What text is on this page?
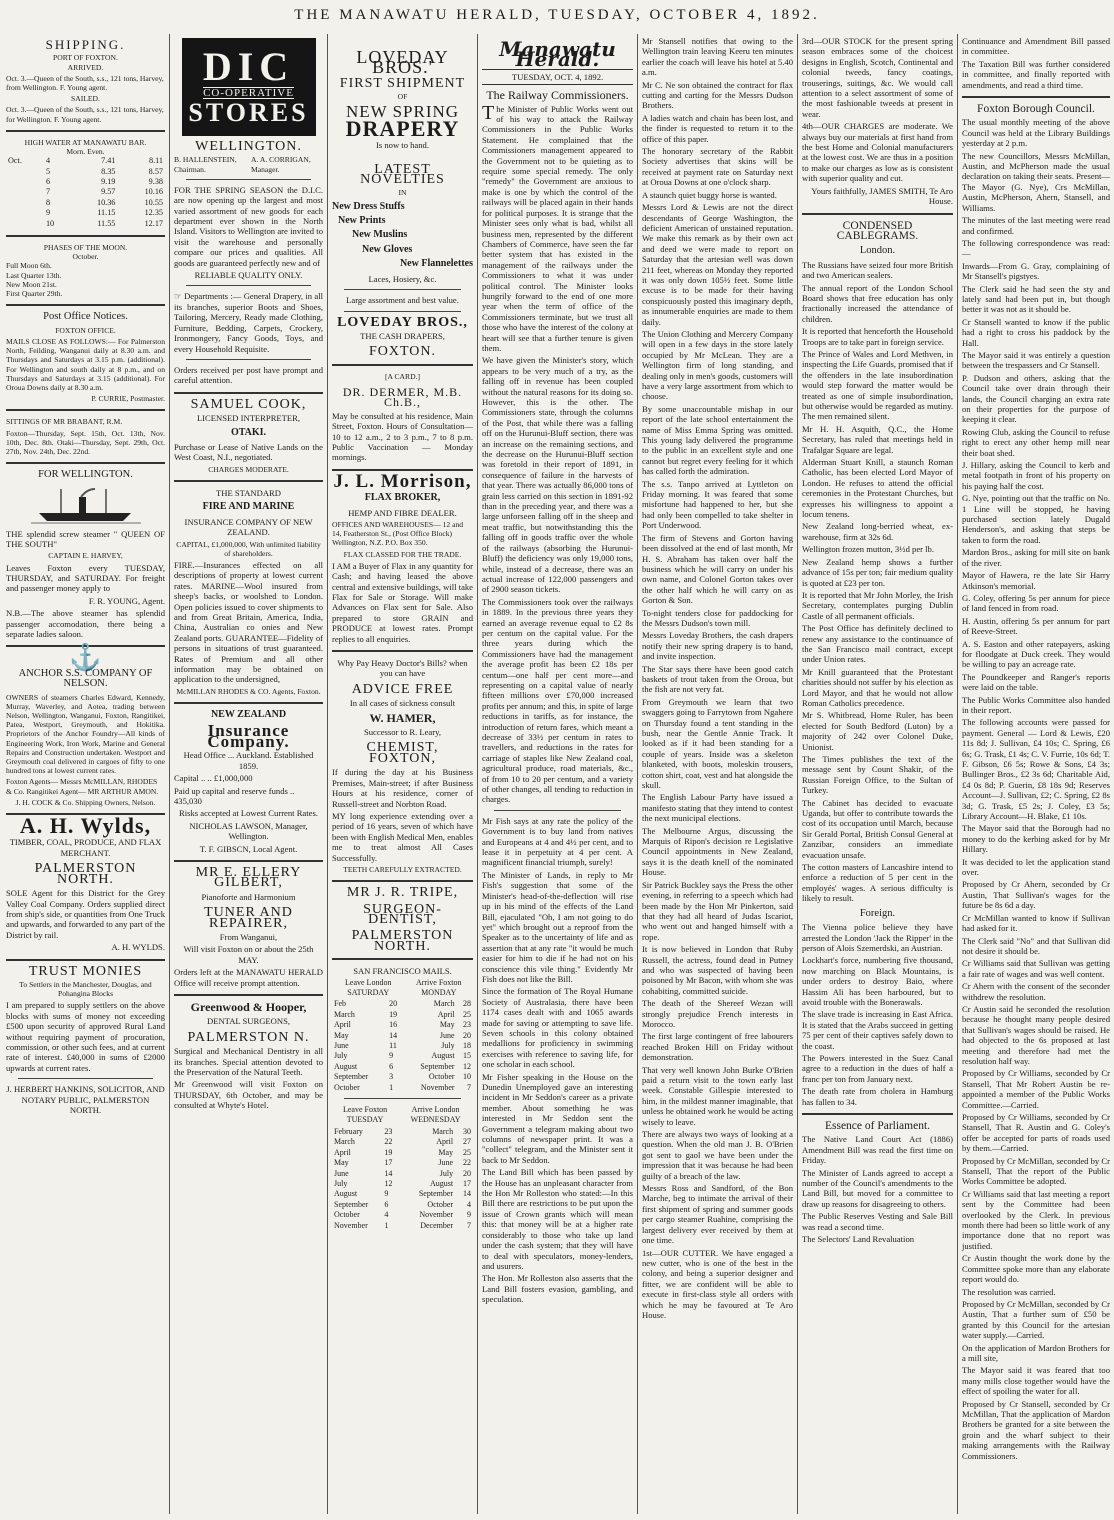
THE MANAWATU HERALD, TUESDAY, OCTOBER 4, 1892.
SHIPPING.
PORT OF FOXTON.
ARRIVED.

Oct. 3.—Queen of the South, s.s., 121 tons, Harvey, from Wellington. F. Young agent.

SAILED.

Oct. 3.—Queen of the South, s.s., 121 tons, Harvey, for Wellington. F. Young agent.

HIGH WATER AT MANAWATU BAR.
Morn. Even.
Oct.	4	7.41	8.11
	5	8.35	8.57
	6	9.19	9.38
	7	9.57	10.16
	8	10.36	10.55
	9	11.15	12.35
	10	11.55	12.17
PHASES OF THE MOON.
October.
Full Moon 6th.
Last Quarter 13th.
New Moon 21st.
First Quarter 29th.
Post Office Notices.
FOXTON OFFICE.

MAILS CLOSE AS FOLLOWS:— For Palmerston North, Feilding, Wanganui daily at 8.30 a.m. and Thursdays and Saturdays at 3.15 p.m. (additional). For Wellington and south daily at 8 p.m., and on Thursdays and Saturdays at 3.15 (additional). For Oroua Downs daily at 8.30 a.m.

P. CURRIE, Postmaster.

SITTINGS OF MR BRABANT, R.M.

Foxton—Thursday, Sept. 15th, Oct. 13th, Nov. 10th, Dec. 8th. Otaki—Thursday, Sept. 29th, Oct. 27th, Nov. 24th, Dec. 22nd.

FOR WELLINGTON.

THE splendid screw steamer " QUEEN OF THE SOUTH"

CAPTAIN E. HARVEY,

Leaves Foxton every TUESDAY, THURSDAY, and SATURDAY. For freight and passenger money apply to

F. R. YOUNG, Agent.

N.B.—The above steamer has splendid passenger accomodation, there being a separate ladies saloon.

⚓
ANCHOR S.S. COMPANY OF NELSON.

OWNERS of steamers Charles Edward, Kennedy, Murray, Waverley, and Aotea, trading between Nelson, Wellington, Wanganui, Foxton, Rangitikei, Patea, Westport, Greymouth, and Hokitika. Proprietors of the Anchor Foundry—All kinds of Engineering Work, Iron Work, Marine and General Repairs and Construction undertaken. Westport and Greymouth coal delivered in cargoes of fifty to one hundred tons at lowest current rates.

Foxton Agents— Messrs McMILLAN, RHODES & Co. Rangitikei Agent— MR ARTHUR AMON.

J. H. COCK & Co. Shipping Owners, Nelson.

A. H. Wylds,
TIMBER, COAL, PRODUCE, AND FLAX MERCHANT.
PALMERSTON NORTH.

SOLE Agent for this District for the Grey Valley Coal Company. Orders supplied direct from ship's side, or quantities from One Truck and upwards, and forwarded to any part of the District by rail.

A. H. WYLDS.

TRUST MONIES
To Settlers in the Manchester, Douglas, and Pohangina Blocks

I am prepared to supply settlers on the above blocks with sums of money not exceeding £500 upon security of approved Rural Land without requiring payment of procuration, commission, or other such fees, and at current rate of interest. £40,000 in sums of £2000 upwards at current rates.

J. HERBERT HANKINS, SOLICITOR, AND NOTARY PUBLIC, PALMERSTON NORTH.

DIC
CO-OPERATIVE
STORES
WELLINGTON.
B. HALLENSTEIN, Chairman.
A. A. CORRIGAN, Manager.

FOR THE SPRING SEASON the D.I.C. are now opening up the largest and most varied assortment of new goods for each department ever shown in the North Island. Visitors to Wellington are invited to visit the warehouse and personally compare our prices and qualities. All goods are guaranteed perfectly new and of

RELIABLE QUALITY ONLY.

☞ Departments :— General Drapery, in all its branches, superior Boots and Shoes, Tailoring, Mercery, Ready made Clothing, Furniture, Bedding, Carpets, Crockery, Ironmongery, Fancy Goods, Toys, and every Household Requisite.

Orders received per post have prompt and careful attention.

SAMUEL COOK,
LICENSED INTERPRETER,
OTAKI.

Purchase or Lease of Native Lands on the West Coast, N.I., negotiated.

CHARGES MODERATE.

THE STANDARD
FIRE AND MARINE
INSURANCE COMPANY OF NEW ZEALAND.

CAPITAL, £1,000,000, With unlimited liability of shareholders.

FIRE.—Insurances effected on all descriptions of property at lowest current rates. MARINE—Wool insured from sheep's backs, or woolshed to London. Open policies issued to cover shipments to and from Great Britain, America, India, China, Australian co onies and New Zealand ports. GUARANTEE—Fidelity of persons in situations of trust guaranteed. Rates of Premium and all other information may be obtained on application to the undersigned,

McMILLAN RHODES & CO. Agents, Foxton.

NEW ZEALAND
Insurance Company.

Head Office ... Auckland. Established 1859.

Capital .. .. £1,000,000

Paid up capital and reserve funds .. 435,030

Risks accepted at Lowest Current Rates.

NICHOLAS LAWSON, Manager, Wellington.

T. F. GIBSCN, Local Agent.

MR E. ELLERY GILBERT,
Pianoforte and Harmonium
TUNER AND REPAIRER,
From Wanganui,

Will visit Foxton on or about the 25th MAY.

Orders left at the MANAWATU HERALD Office will receive prompt attention.

Greenwood & Hooper,
DENTAL SURGEONS,
PALMERSTON N.

Surgical and Mechanical Dentistry in all its branches. Special attention devoted to the Preservation of the Natural Teeth.

Mr Greenwood will visit Foxton on THURSDAY, 6th October, and may be consulted at Whyte's Hotel.

LOVEDAY BROS.'
FIRST SHIPMENT
OF
NEW SPRING
DRAPERY
Is now to hand.
LATEST NOVELTIES
IN
New Dress Stuffs
New Prints
New Muslins
New Gloves
New Flannelettes
Laces, Hosiery, &c.

Large assortment and best value.

LOVEDAY BROS.,
THE CASH DRAPERS,
FOXTON.
[A CARD.]
DR. DERMER, M.B. Ch.B.,

May be consulted at his residence, Main Street, Foxton. Hours of Consultation—10 to 12 a.m., 2 to 3 p.m., 7 to 8 p.m. Public Vaccination — Monday mornings.

J. L. Morrison,
FLAX BROKER,
HEMP AND FIBRE DEALER.

OFFICES AND WAREHOUSES— 12 and 14, Featherston St., (Post Office Block) Wellington, N.Z. P.O. Box 350.

FLAX CLASSED FOR THE TRADE.

I AM a Buyer of Flax in any quantity for Cash; and having leased the above central and extensive buildings, will take Flax for Sale or Storage. Will make Advances on Flax sent for Sale. Also prepared to store GRAIN and PRODUCE at lowest rates. Prompt replies to all enquiries.

Why Pay Heavy Doctor's Bills? when you can have

ADVICE FREE

In all cases of sickness consult

W. HAMER,

Successor to R. Leary,

CHEMIST, FOXTON,

If during the day at his Business Premises, Main-street; if after Business Hours at his residence, corner of Russell-street and Norbton Road.

MY long experience extending over a period of 16 years, seven of which have been with English Medical Men, enables me to treat almost All Cases Successfully.

TEETH CAREFULLY EXTRACTED.

MR J. R. TRIPE,
SURGEON-DENTIST,
PALMERSTON NORTH.
SAN FRANCISCO MAILS.
Leave London SATURDAY		Arrive Foxton MONDAY	
Feb	20	March	28
March	19	April	25
April	16	May	23
May	14	June	20
June	11	July	18
July	9	August	15
August	6	September	12
September	3	October	10
October	1	November	7
Leave Foxton TUESDAY		Arrive London WEDNESDAY	
February	23	March	30
March	22	April	27
April	19	May	25
May	17	June	22
June	14	July	20
July	12	August	17
August	9	September	14
September	6	October	4
October	4	November	9
November	1	December	7
Manawatu Herald.
TUESDAY, OCT. 4, 1892.
The Railway Commissioners.

The Minister of Public Works went out of his way to attack the Railway Commissioners in the Public Works Statement. He complained that the Commissioners management appeared to the Government not to be quieting as to require some special remedy. The only "remedy" the Government are anxious to make is one by which the control of the railways will be placed again in their hands for political purposes. It is strange that the Minister sees only what is bad, whilst all business men, represented by the different Chambers of Commerce, have seen the far better system that has existed in the management of the railways under the Commissioners to what it was under political control. The Minister looks hungrily forward to the end of one more year when the term of office of the Commissioners terminate, but we trust all those who have the interest of the colony at heart will see that a further tenure is given them.

We have given the Minister's story, which appears to be very much of a try, as the falling off in revenue has been coupled without the natural reasons for its doing so. However, this is the other. The Commissioners state, through the columns of the Post, that while there was a falling off on the Hurunui-Bluff section, there was an increase on the remaining sections, and the decrease on the Hurunui-Bluff section was foretold in their report of 1891, in consequence of failure in the harvests of that year. There was actually 86,000 tons of grain less carried on this section in 1891-92 than in the preceding year, and there was a large unforseen falling off in the sheep and meat traffic, but notwithstanding this the falling off in goods traffic over the whole of the railways (absorbing the Hurunui-Bluff) the deficiency was only 19,000 tons, while, instead of a decrease, there was an actual increase of 122,000 passengers and of 2900 season tickets.

The Commissioners took over the railways in 1889. In the previous three years they earned an average revenue equal to £2 8s per centum on the capital value. For the three years during which the Commissioners have had the management the average profit has been £2 18s per centum—one half per cent more—and representing on a capital value of nearly fifteen millions over £70,000 increased profits per annum; and this, in spite of large reductions in tariffs, as for instance, the introduction of return fares, which meant a decrease of 33½ per centum in rates to travellers, and reductions in the rates for carriage of staples like New Zealand coal, agricultural produce, road materials, &c., of from 10 to 20 per centum, and a variety of other changes, all tending to reduction in charges.

Mr Fish says at any rate the policy of the Government is to buy land from natives and Europeans at 4 and 4½ per cent, and to lease it in perpetuity at 4 per cent. A magnificent financial triumph, surely!

The Minister of Lands, in reply to Mr Fish's suggestion that some of the Minister's head-of-the-deflection will rise up in his mind of the effects of the Land Bill, ejaculated "Oh, I am not going to do yet" which brought out a reproof from the Speaker as to the uncertainty of life and as assertion that at any rate "it would be much easier for him to die if he had not on his conscience this vile thing." Evidently Mr Fish does not like the Bill.

Since the formation of The Royal Humane Society of Australasia, there have been 1174 cases dealt with and 1065 awards made for saving or attempting to save life. Seven schools in this colony obtained medallions for proficiency in swimming exercises with reference to saving life, for one scholar in each school.

Mr Fisher speaking in the House on the Dunedin Unemployed gave an interesting incident in Mr Seddon's career as a private member. About something he was interested in Mr Seddon sent the Government a telegram making about two columns of newspaper print. It was a "collect" telegram, and the Minister sent it back to Mr Seddon.

The Land Bill which has been passed by the House has an unpleasant character from the Hon Mr Rolleston who stated:—In this Bill there are restrictions to be put upon the issue of Crown grants which will mean this: that money will be at a higher rate considerably to those who take up land under the cash system; that they will have to deal with speculators, money-lenders, and usurers.

The Hon. Mr Rolleston also asserts that the Land Bill fosters evasion, gambling, and speculation.

Mr Stansell notifies that owing to the Wellington train leaving Keeru ten minutes earlier the coach will leave his hotel at 5.40 a.m.

Mr C. Ne son obtained the contract for flax cutting and carting for the Messrs Dudson Brothers.

A ladies watch and chain has been lost, and the finder is requested to return it to the office of this paper.

The honorary secretary of the Rabbit Society advertises that skins will be received at payment rate on Saturday next at Oroua Downs at one o'clock sharp.

A staunch quiet buggy horse is wanted.

Messrs Lord & Lewis are not the direct descendants of George Washington, the deficient American of unstained reputation. We make this remark as by their own act and deed we were made to report on Saturday that the artesian well was down 211 feet, whereas on Monday they reported it was only down 105½ feet. Some little excuse is to be made for their having conspicuously posted this imaginary depth, as innumerable enquiries are made to them daily.

The Union Clothing and Mercery Company will open in a few days in the store lately occupied by Mr McLean. They are a Wellington firm of long standing, and dealing only in men's goods, customers will have a very large assortment from which to choose.

By some unaccountable mishap in our report of the late school entertainment the name of Miss Emma Spring was omitted. This young lady delivered the programme to the public in an excellent style and one cannot but regret every feeling for it which has called forth the admiration.

The s.s. Tanpo arrived at Lyttleton on Friday morning. It was feared that some misfortune had happened to her, but she had only been compelled to take shelter in Port Underwood.

The firm of Stevens and Gorton having been dissolved at the end of last month, Mr H. S. Abraham has taken over half the business which he will carry on under his own name, and Colonel Gorton takes over the other half which he will carry on as Gorton & Son.

To-night tenders close for paddocking for the Messrs Dudson's town mill.

Messrs Loveday Brothers, the cash drapers notify their new spring drapery is to hand, and invite inspection.

The Star says there have been good catch baskets of trout taken from the Oroua, but the fish are not very fat.

From Greymouth we learn that two swaggers going to Farrytown from Ngahere on Thursday found a tent standing in the bush, near the Gentle Annie Track. It looked as if it had been standing for a couple of years. Inside was a skeleton blanketed, with boots, moleskin trousers, cotton shirt, coat, vest and hat alongside the skull.

The English Labour Party have issued a manifesto stating that they intend to contest the next municipal elections.

The Melbourne Argus, discussing the Marquis of Ripon's decision re Legislative Council appointments in New Zealand, says it is the death knell of the nominated House.

Sir Patrick Buckley says the Press the other evening, in referring to a speech which had been made by the Hon Mr Pinkerton, said that they had all heard of Judas Iscariot, who went out and hanged himself with a rope.

It is now believed in London that Ruby Russell, the actress, found dead in Putney and who was suspected of having been poisoned by Mr Bacon, with whom she was cohabiting, committed suicide.

The death of the Shereef Wezan will strongly prejudice French interests in Morocco.

The first large contingent of free labourers reached Broken Hill on Friday without demonstration.

That very well known John Burke O'Brien paid a return visit to the town early last week. Constable Gillespie interested to him, in the mildest manner imaginable, that unless he obtained work he would be acting wisely to leave.

There are always two ways of looking at a question. When the old man J. B. O'Brien got sent to gaol we have been under the impression that it was because he had been guilty of a breach of the law.

Messrs Ross and Sandford, of the Bon Marche, beg to intimate the arrival of their first shipment of spring and summer goods per cargo steamer Ruahine, comprising the largest delivery ever received by them at one time.

1st—OUR CUTTER. We have engaged a new cutter, who is one of the best in the colony, and being a superior designer and fitter, we are confident will be able to execute in first-class style all orders with which he may be favoured at Te Aro House.

3rd—OUR STOCK for the present spring season embraces some of the choicest designs in English, Scotch, Continental and colonial tweeds, fancy coatings, trouserings, suitings, &c. We would call attention to a select assortment of some of the most fashionable tweeds at present in wear.

4th—OUR CHARGES are moderate. We always buy our materials at first hand from the best Home and Colonial manufacturers at the lowest cost. We are thus in a position to make our charges as low as is consistent with superior quality and cut.

Yours faithfully, JAMES SMITH, Te Aro House.

CONDENSED CABLEGRAMS.
London.

The Russians have seized four more British and two American sealers.

The annual report of the London School Board shows that free education has only fractionally increased the attendance of children.

It is reported that henceforth the Household Troops are to take part in foreign service.

The Prince of Wales and Lord Methven, in inspecting the Life Guards, promised that if the offenders in the late insubordination would step forward the matter would be treated as one of simple insubordination, but otherwise would be regarded as mutiny. The men remained silent.

Mr H. H. Asquith, Q.C., the Home Secretary, has ruled that meetings held in Trafalgar Square are legal.

Alderman Stuart Knill, a staunch Roman Catholic, has been elected Lord Mayor of London. He refuses to attend the official ceremonies in the Protestant Churches, but expresses his willingness to appoint a locum tenens.

New Zealand long-berried wheat, ex-warehouse, firm at 32s 6d.

Wellington frozen mutton, 3½d per lb.

New Zealand hemp shows a further advance of 15s per ton; fair medium quality is quoted at £23 per ton.

It is reported that Mr John Morley, the Irish Secretary, contemplates purging Dublin Castle of all permanent officials.

The Post Office has definitely declined to renew any assistance to the continuance of the San Francisco mail contract, except under Union rates.

Mr Knill guaranteed that the Protestant charities should not suffer by his election as Lord Mayor, and that he would not allow Roman Catholics precedence.

Mr S. Whitbread, Home Ruler, has been elected for South Bedford (Luton) by a majority of 242 over Colonel Duke, Unionist.

The Times publishes the text of the message sent by Count Shakir, of the Russian Foreign Office, to the Sultan of Turkey.

The Cabinet has decided to evacuate Uganda, but offer to contribute towards the cost of its occupation until March, because Sir Gerald Portal, British Consul General at Zanzibar, considers an immediate evacuation unsafe.

The cotton masters of Lancashire intend to enforce a reduction of 5 per cent in the employés' wages. A serious difficulty is likely to result.

Foreign.

The Vienna police believe they have arrested the London 'Jack the Ripper' in the person of Alois Szemerdski, an Austrian.

Lockhart's force, numbering five thousand, now marching on Black Mountains, is under orders to destroy Baio, where Hassim Ali has been harboured, but to avoid trouble with the Bonerawals.

The slave trade is increasing in East Africa. It is stated that the Arabs succeed in getting 75 per cent of their captives safely down to the coast.

The Powers interested in the Suez Canal agree to a reduction in the dues of half a franc per ton from January next.

The death rate from cholera in Hamburg has fallen to 34.

Essence of Parliament.

The Native Land Court Act (1886) Amendment Bill was read the first time on Friday.

The Minister of Lands agreed to accept a number of the Council's amendments to the Land Bill, but moved for a committee to draw up reasons for disagreeing to others.

The Public Reserves Vesting and Sale Bill was read a second time.

The Selectors' Land Revaluation

Continuance and Amendment Bill passed in committee.

The Taxation Bill was further considered in committee, and finally reported with amendments, and read a third time.

Foxton Borough Council.

The usual monthly meeting of the above Council was held at the Library Buildings yesterday at 2 p.m.

The new Councillors, Messrs McMillan, Austin, and McPherson made the usual declaration on taking their seats. Present—The Mayor (G. Nye), Crs McMillan, Austin, McPherson, Ahern, Stansell, and Williams.

The minutes of the last meeting were read and confirmed.

The following correspondence was read:—

Inwards—From G. Gray, complaining of Mr Stansell's pigstyes.

The Clerk said he had seen the sty and lately sand had been put in, but though better it was not as it should be.

Cr Stansell wanted to know if the public had a right to cross his paddock by the Hall.

The Mayor said it was entirely a question between the trespassers and Cr Stansell.

P. Dudson and others, asking that the Council take over drain through their lands, the Council charging an extra rate on their properties for the purpose of keeping it clear.

Rowing Club, asking the Council to refuse right to erect any other hemp mill near their boat shed.

J. Hillary, asking the Council to kerb and metal footpath in front of his property on his paying half the cost.

G. Nye, pointing out that the traffic on No. 1 Line will be stopped, he having purchased section lately Dugald Henderson's, and asking that steps be taken to form the road.

Mardon Bros., asking for mill site on bank of the river.

Mayor of Hawera, re the late Sir Harry Atkinson's memorial.

G. Coley, offering 5s per annum for piece of land fenced in from road.

H. Austin, offering 5s per annum for part of Reeve-Street.

A. S. Easton and other ratepayers, asking for floodgate at Duck creek. They would be willing to pay an acreage rate.

The Poundkeeper and Ranger's reports were laid on the table.

The Public Works Committee also handed in their report.

The following accounts were passed for payment. General — Lord & Lewis, £20 11s 8d; J. Sullivan, £4 10s; C. Spring, £6 6s; G. Trask, £1 4s; C. V. Furrie, 10s 6d; T. F. Gibson, £6 5s; Rowe & Sons, £4 3s; Bullinger Bros., £2 3s 6d; Charitable Aid, £4 0s 8d; P. Guerin, £8 18s 9d; Reserves Account—J. Sullivan, £2; C. Spring, £2 8s 3d; G. Trask, £5 2s; J. Coley, £3 5s; Library Account—H. Blake, £1 10s.

The Mayor said that the Borough had no money to do the kerbing asked for by Mr Hillary.

It was decided to let the application stand over.

Proposed by Cr Ahern, seconded by Cr Austin, That Sullivan's wages for the future be 8s 6d a day.

Cr McMillan wanted to know if Sullivan had asked for it.

The Clerk said "No" and that Sullivan did not desire it should be.

Cr Williams said that Sullivan was getting a fair rate of wages and was well content.

Cr Ahern with the consent of the seconder withdrew the resolution.

Cr Austin said he seconded the resolution because he thought many people desired that Sullivan's wages should be raised. He had objected to the 6s proposed at last meeting and therefore had met the resolution half way.

Proposed by Cr Williams, seconded by Cr Stansell, That Mr Robert Austin be re-appointed a member of the Public Works Committee.—Carried.

Proposed by Cr Williams, seconded by Cr Stansell, That R. Austin and G. Coley's offer be accepted for parts of roads used by them.—Carried.

Proposed by Cr McMillan, seconded by Cr Stansell, That the report of the Public Works Committee be adopted.

Cr Williams said that last meeting a report sent by the Committee had been overlooked by the Clerk. In previous month there had been so little work of any importance done that no report was justified.

Cr Austin thought the work done by the Committee spoke more than any elaborate report would do.

The resolution was carried.

Proposed by Cr McMillan, seconded by Cr Austin, That a further sum of £50 be granted by this Council for the artesian water supply.—Carried.

On the application of Mardon Brothers for a mill site,

The Mayor said it was feared that too many mills close together would have the effect of spoiling the water for all.

Proposed by Cr Stansell, seconded by Cr McMillan, That the application of Mardon Brothers be granted for a site between the groin and the wharf subject to their making arrangements with the Railway Commissioners.
